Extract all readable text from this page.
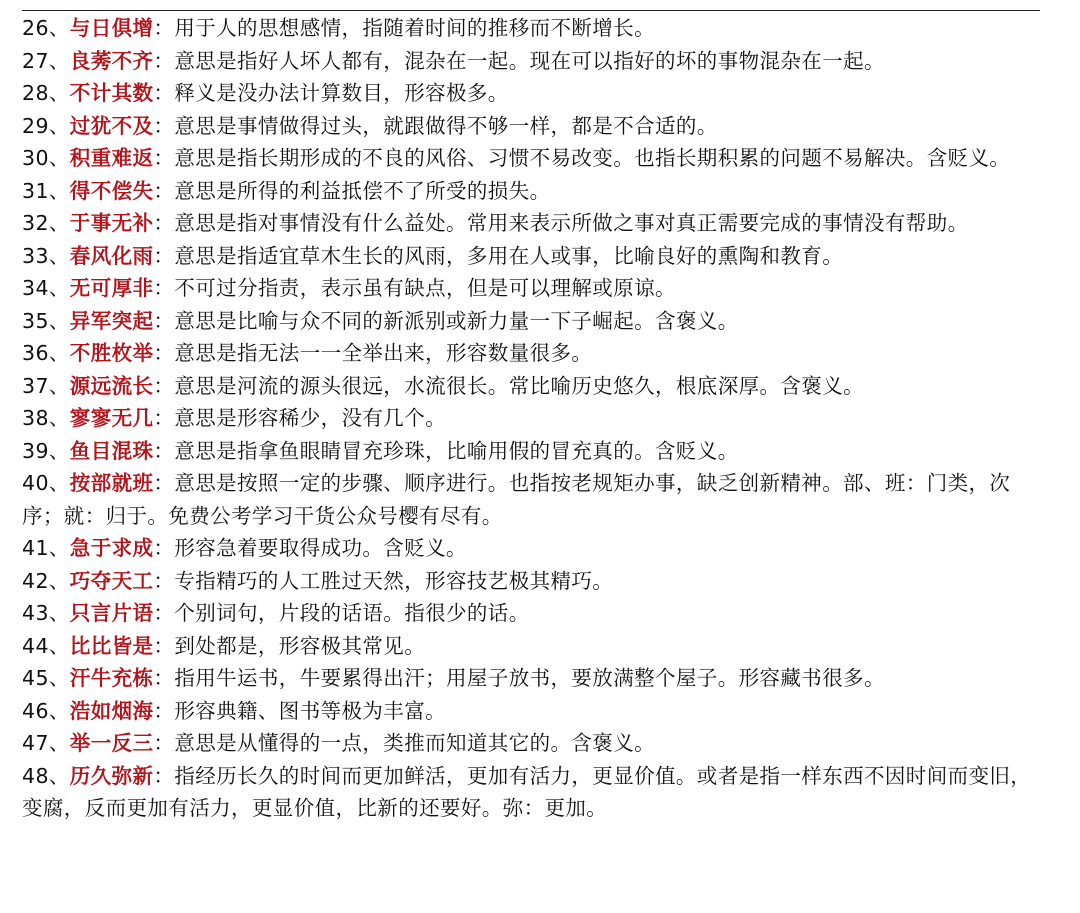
26、与日俱增：用于人的思想感情，指随着时间的推移而不断增长。
27、良莠不齐：意思是指好人坏人都有，混杂在一起。现在可以指好的坏的事物混杂在一起。
28、不计其数：释义是没办法计算数目，形容极多。
29、过犹不及：意思是事情做得过头，就跟做得不够一样，都是不合适的。
30、积重难返：意思是指长期形成的不良的风俗、习惯不易改变。也指长期积累的问题不易解决。含贬义。
31、得不偿失：意思是所得的利益抵偿不了所受的损失。
32、于事无补：意思是指对事情没有什么益处。常用来表示所做之事对真正需要完成的事情没有帮助。
33、春风化雨：意思是指适宜草木生长的风雨，多用在人或事，比喻良好的熏陶和教育。
34、无可厚非：不可过分指责，表示虽有缺点，但是可以理解或原谅。
35、异军突起：意思是比喻与众不同的新派别或新力量一下子崛起。含褒义。
36、不胜枚举：意思是指无法一一全举出来，形容数量很多。
37、源远流长：意思是河流的源头很远，水流很长。常比喻历史悠久，根底深厚。含褒义。
38、寥寥无几：意思是形容稀少，没有几个。
39、鱼目混珠：意思是指拿鱼眼睛冒充珍珠，比喻用假的冒充真的。含贬义。
40、按部就班：意思是按照一定的步骤、顺序进行。也指按老规矩办事，缺乏创新精神。部、班：门类，次序；就：归于。免费公考学习干货公众号樱有尽有。
41、急于求成：形容急着要取得成功。含贬义。
42、巧夺天工：专指精巧的人工胜过天然，形容技艺极其精巧。
43、只言片语：个别词句，片段的话语。指很少的话。
44、比比皆是：到处都是，形容极其常见。
45、汗牛充栋：指用牛运书，牛要累得出汗；用屋子放书，要放满整个屋子。形容藏书很多。
46、浩如烟海：形容典籍、图书等极为丰富。
47、举一反三：意思是从懂得的一点，类推而知道其它的。含褒义。
48、历久弥新：指经历长久的时间而更加鲜活，更加有活力，更显价值。或者是指一样东西不因时间而变旧，变腐，反而更加有活力，更显价值，比新的还要好。弥：更加。
